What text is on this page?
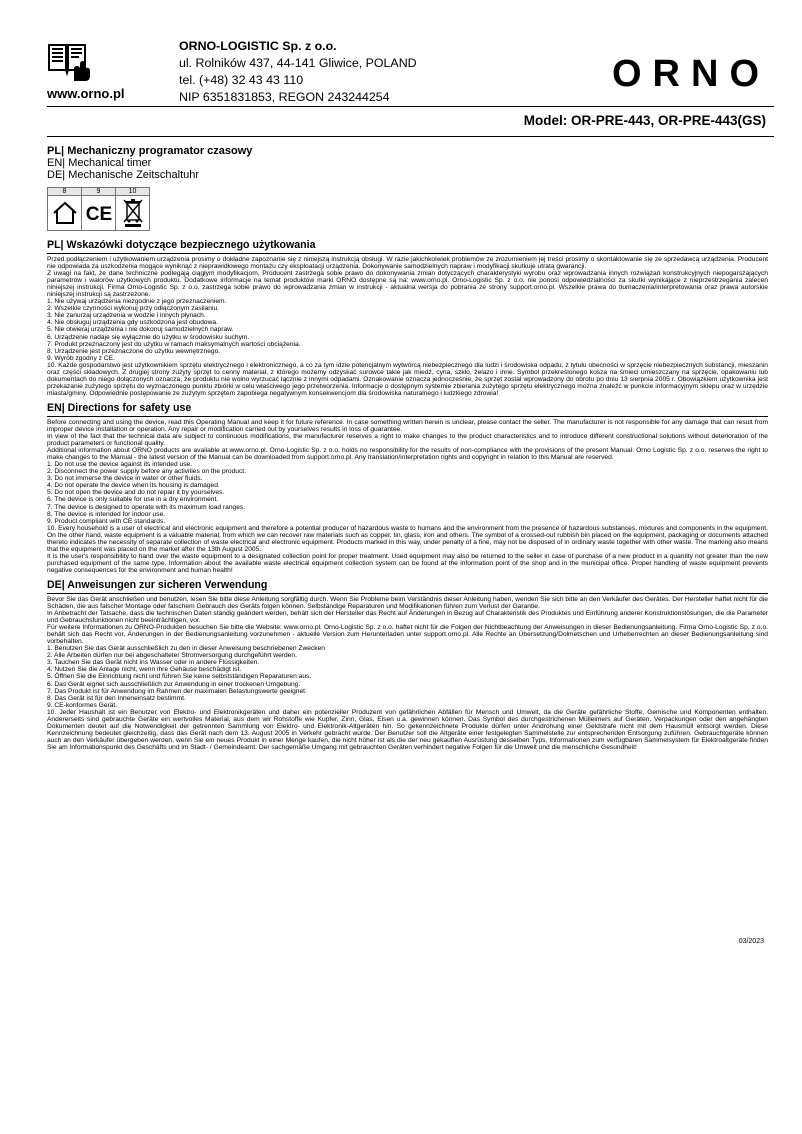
www.orno.pl
ORNO-LOGISTIC Sp. z o.o.
ul. Rolników 437, 44-141 Gliwice, POLAND
tel. (+48) 32 43 43 110
NIP 6351831853, REGON 243244254
ORNO
Model: OR-PRE-443, OR-PRE-443(GS)
PL| Mechaniczny programator czasowy
EN| Mechanical timer
DE| Mechanische Zeitschaltuhr
8	9	10
CE
PL| Wskazówki dotyczące bezpiecznego użytkowania

Przed podłączeniem i użytkowaniem urządzenia prosimy o dokładne zapoznanie się z niniejszą instrukcją obsługi. W razie jakichkolwiek problemów ze zrozumieniem jej treści prosimy o skontaktowanie się ze sprzedawcą urządzenia. Producent nie odpowiada za uszkodzenia mogące wyniknąć z nieprawidłowego montażu czy eksploatacji urządzenia. Dokonywanie samodzielnych napraw i modyfikacji skutkuje utratą gwarancji.

Z uwagi na fakt, że dane techniczne podlegają ciągłym modyfikacjom, Producent zastrzega sobie prawo do dokonywania zmian dotyczących charakterystyki wyrobu oraz wprowadzania innych rozwiązań konstrukcyjnych niepogarszających parametrów i walorów użytkowych produktu. Dodatkowe informacje na temat produktów marki ORNO dostępne są na: www.orno.pl. Orno-Logistic Sp. z o.o. nie ponosi odpowiedzialności za skutki wynikające z nieprzestrzegania zaleceń niniejszej instrukcji. Firma Orno-Logistic Sp. z o.o. zastrzega sobie prawo do wprowadzania zmian w instrukcji - aktualna wersja do pobrania ze strony support.orno.pl. Wszelkie prawa do tłumaczenia/interpretowania oraz prawa autorskie niniejszej instrukcji są zastrzeżone.

1. Nie używaj urządzenia niezgodnie z jego przeznaczeniem.

2. Wszelkie czynności wykonuj przy odłączonym zasilaniu.

3. Nie zanurzaj urządzenia w wodzie i innych płynach.

4. Nie obsługuj urządzenia gdy uszkodzona jest obudowa.

5. Nie otwieraj urządzenia i nie dokonuj samodzielnych napraw.

6. Urządzenie nadaje się wyłącznie do użytku w środowisku suchym.

7. Produkt przeznaczony jest do użytku w ramach maksymalnych wartości obciążenia.

8. Urządzenie jest przeznaczone do użytku wewnętrznego.

9. Wyrób zgodny z CE.

10. Każde gospodarstwo jest użytkownikiem sprzętu elektrycznego i elektronicznego, a co za tym idzie potencjalnym wytwórcą niebezpiecznego dla ludzi i środowiska odpadu, z tytułu obecności w sprzęcie niebezpiecznych substancji, mieszanin oraz części składowych. Z drugiej strony zużyty sprzęt to cenny materiał, z którego możemy odzyskać surowce takie jak miedź, cyna, szkło, żelazo i inne. Symbol przekreślonego kosza na śmieci umieszczany na sprzęcie, opakowaniu lub dokumentach do niego dołączonych oznacza, że produktu nie wolno wyrzucać łącznie z innymi odpadami. Oznakowanie oznacza jednocześnie, że sprzęt został wprowadzony do obrotu po dniu 13 sierpnia 2005 r. Obowiązkiem użytkownika jest przekazanie zużytego sprzętu do wyznaczonego punktu zbiórki w celu właściwego jego przetworzenia. Informacje o dostępnym systemie zbierania zużytego sprzętu elektrycznego można znaleźć w punkcie informacyjnym sklepu oraz w urzędzie miasta/gminy. Odpowiednie postępowanie ze zużytym sprzętem zapobiega negatywnym konsekwencjom dla środowiska naturalnego i ludzkiego zdrowia!

EN| Directions for safety use

Before connecting and using the device, read this Operating Manual and keep it for future reference. In case something written herein is unclear, please contact the seller. The manufacturer is not responsible for any damage that can result from improper device installation or operation. Any repair or modification carried out by yourselves results in loss of guarantee.

In view of the fact that the technical data are subject to continuous modifications, the manufacturer reserves a right to make changes to the product characteristics and to introduce different constructional solutions without deterioration of the product parameters or functional quality.

Additional information about ORNO products are available at www.orno.pl. Orno-Logistic Sp. z o.o. holds no responsibility for the results of non-compliance with the provisions of the present Manual. Orno Logistic Sp. z o.o. reserves the right to make changes to the Manual - the latest version of the Manual can be downloaded from support.orno.pl. Any translation/interpretation rights and copyright in relation to this Manual are reserved.

1. Do not use the device against its intended use.

2. Disconnect the power supply before any activities on the product.

3. Do not immerse the device in water or other fluids.

4. Do not operate the device when its housing is damaged.

5. Do not open the device and do not repair it by yourselves.

6. The device is only suitable for use in a dry environment.

7. The device is designed to operate with its maximum load ranges.

8. The device is intended for indoor use.

9. Product compliant with CE standards.

10. Every household is a user of electrical and electronic equipment and therefore a potential producer of hazardous waste to humans and the environment from the presence of hazardous substances, mixtures and components in the equipment. On the other hand, waste equipment is a valuable material, from which we can recover raw materials such as copper, tin, glass, iron and others. The symbol of a crossed-out rubbish bin placed on the equipment, packaging or documents attached thereto indicates the necessity of separate collection of waste electrical and electronic equipment. Products marked in this way, under penalty of a fine, may not be disposed of in ordinary waste together with other waste. The marking also means that the equipment was placed on the market after the 13th August 2005.

It is the user's responsibility to hand over the waste equipment to a designated collection point for proper treatment. Used equipment may also be returned to the seller in case of purchase of a new product in a quantity not greater than the new purchased equipment of the same type. Information about the available waste electrical equipment collection system can be found at the information point of the shop and in the municipal office. Proper handling of waste equipment prevents negative consequences for the environment and human health!

DE| Anweisungen zur sicheren Verwendung

Bevor Sie das Gerät anschließen und benutzen, lesen Sie bitte diese Anleitung sorgfältig durch. Wenn Sie Probleme beim Verständnis dieser Anleitung haben, wenden Sie sich bitte an den Verkäufer des Gerätes. Der Hersteller haftet nicht für die Schäden, die aus falscher Montage oder falschem Gebrauch des Geräts folgen können. Selbständige Reparaturen und Modifikationen führen zum Verlust der Garantie.

In Anbetracht der Tatsache, dass die technischen Daten ständig geändert werden, behält sich der Hersteller das Recht auf Änderungen in Bezug auf Charakteristik des Produktes und Einführung anderer Konstruktionslösungen, die die Parameter und Gebrauchsfunktionen nicht beeinträchtigen, vor.

Für weitere Informationen zu ORNO-Produkten besuchen Sie bitte die Website: www.orno.pl. Orno-Logistic Sp. z o.o. haftet nicht für die Folgen der Nichtbeachtung der Anweisungen in dieser Bedienungsanleitung. Firma Orno-Logistic Sp. z o.o. behält sich das Recht vor, Änderungen in der Bedienungsanleitung vorzunehmen - aktuelle Version zum Herunterladen unter support.orno.pl. Alle Rechte an Übersetzung/Dolmetschen und Urheberrechten an dieser Bedienungsanleitung sind vorbehalten.

1. Benutzen Sie das Gerät ausschließlich zu den in dieser Anweisung beschriebenen Zwecken

2. Alle Arbeiten dürfen nur bei abgeschalteter Stromversorgung durchgeführt werden.

3. Tauchen Sie das Gerät nicht ins Wasser oder in andere Flüssigkeiten.

4. Nutzen Sie die Anlage nicht, wenn ihre Gehäuse beschädigt ist.

5. Öffnen Sie die Einrichtung nicht und führen Sie keine selbstständigen Reparaturen aus.

6. Das Gerät eignet sich ausschließlich zur Anwendung in einer trockenen Umgebung.

7. Das Produkt ist für Anwendung im Rahmen der maximalen Belastungswerte geeignet.

8. Das Gerät ist für den Inneneinsatz bestimmt.

9. CE-konformes Gerät.

10. Jeder Haushalt ist ein Benutzer von Elektro- und Elektronikgeräten und daher ein potenzieller Produzent von gefährlichen Abfällen für Mensch und Umwelt, da die Geräte gefährliche Stoffe, Gemische und Komponenten enthalten. Andererseits sind gebrauchte Geräte ein wertvolles Material, aus dem wir Rohstoffe wie Kupfer, Zinn, Glas, Eisen u.a. gewinnen können. Das Symbol des durchgestrichenen Mülleimers auf Geräten, Verpackungen oder den angehängten Dokumenten deutet auf die Notwendigkeit der getrennten Sammlung von Elektro- und Elektronik-Altgeräten hin. So gekennzeichnete Produkte dürfen unter Androhung einer Geldstrafe nicht mit dem Hausmüll entsorgt werden. Diese Kennzeichnung bedeutet gleichzeitig, dass das Gerät nach dem 13. August 2005 in Verkehr gebracht wurde. Der Benutzer soll die Altgeräte einer festgelegten Sammelstelle zur entsprechenden Entsorgung zuführen. Gebrauchtgeräte können auch an den Verkäufer übergeben werden, wenn Sie ein neues Produkt in einer Menge kaufen, die nicht höher ist als die der neu gekauften Ausrüstung desselben Typs. Informationen zum verfügbaren Sammelsystem für Elektroaltgeräte finden Sie am Informationspunkt des Geschäfts und im Stadt- / Gemeindeamt. Der sachgemäße Umgang mit gebrauchten Geräten verhindert negative Folgen für die Umwelt und die menschliche Gesundheit!

03/2023
